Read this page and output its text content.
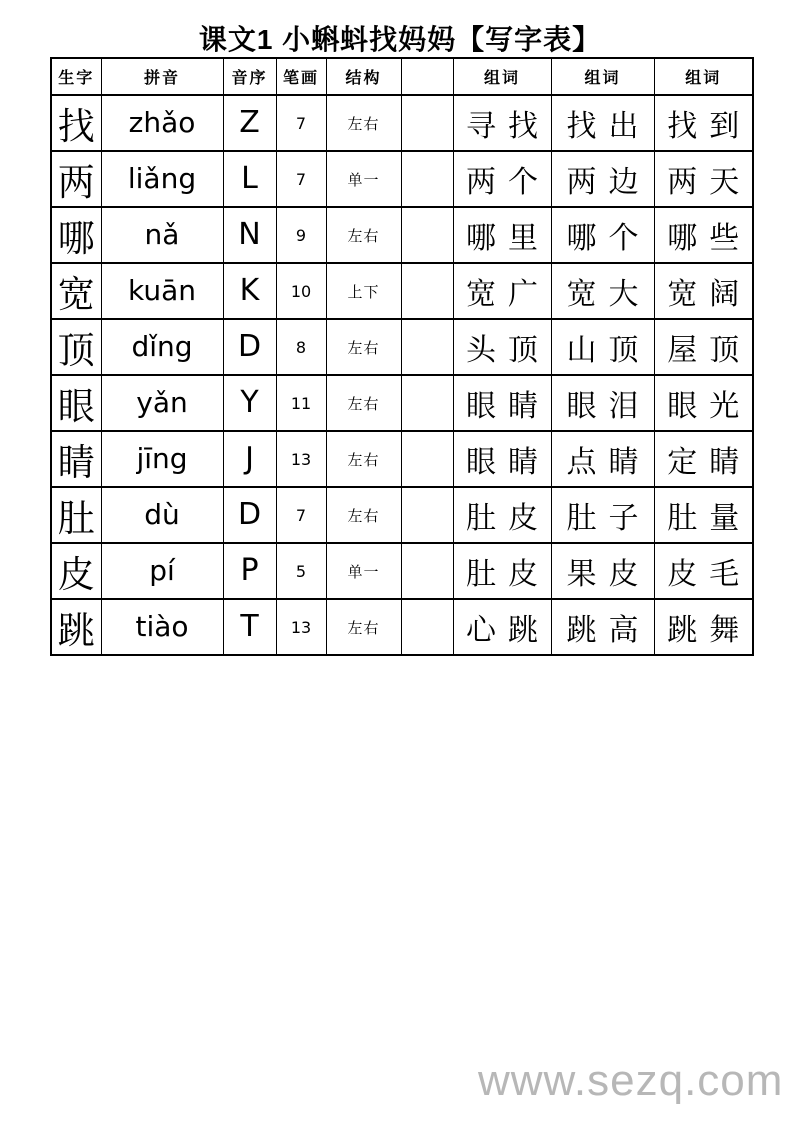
课文1 小蝌蚪找妈妈【写字表】
生字	拼音	音序	笔画	结构		组词	组词	组词
找	zhǎo	Z	7	左右		寻找	找出	找到
两	liǎng	L	7	单一		两个	两边	两天
哪	nǎ	N	9	左右		哪里	哪个	哪些
宽	kuān	K	10	上下		宽广	宽大	宽阔
顶	dǐng	D	8	左右		头顶	山顶	屋顶
眼	yǎn	Y	11	左右		眼睛	眼泪	眼光
睛	jīng	J	13	左右		眼睛	点睛	定睛
肚	dù	D	7	左右		肚皮	肚子	肚量
皮	pí	P	5	单一		肚皮	果皮	皮毛
跳	tiào	T	13	左右		心跳	跳高	跳舞
www.sezq.com
